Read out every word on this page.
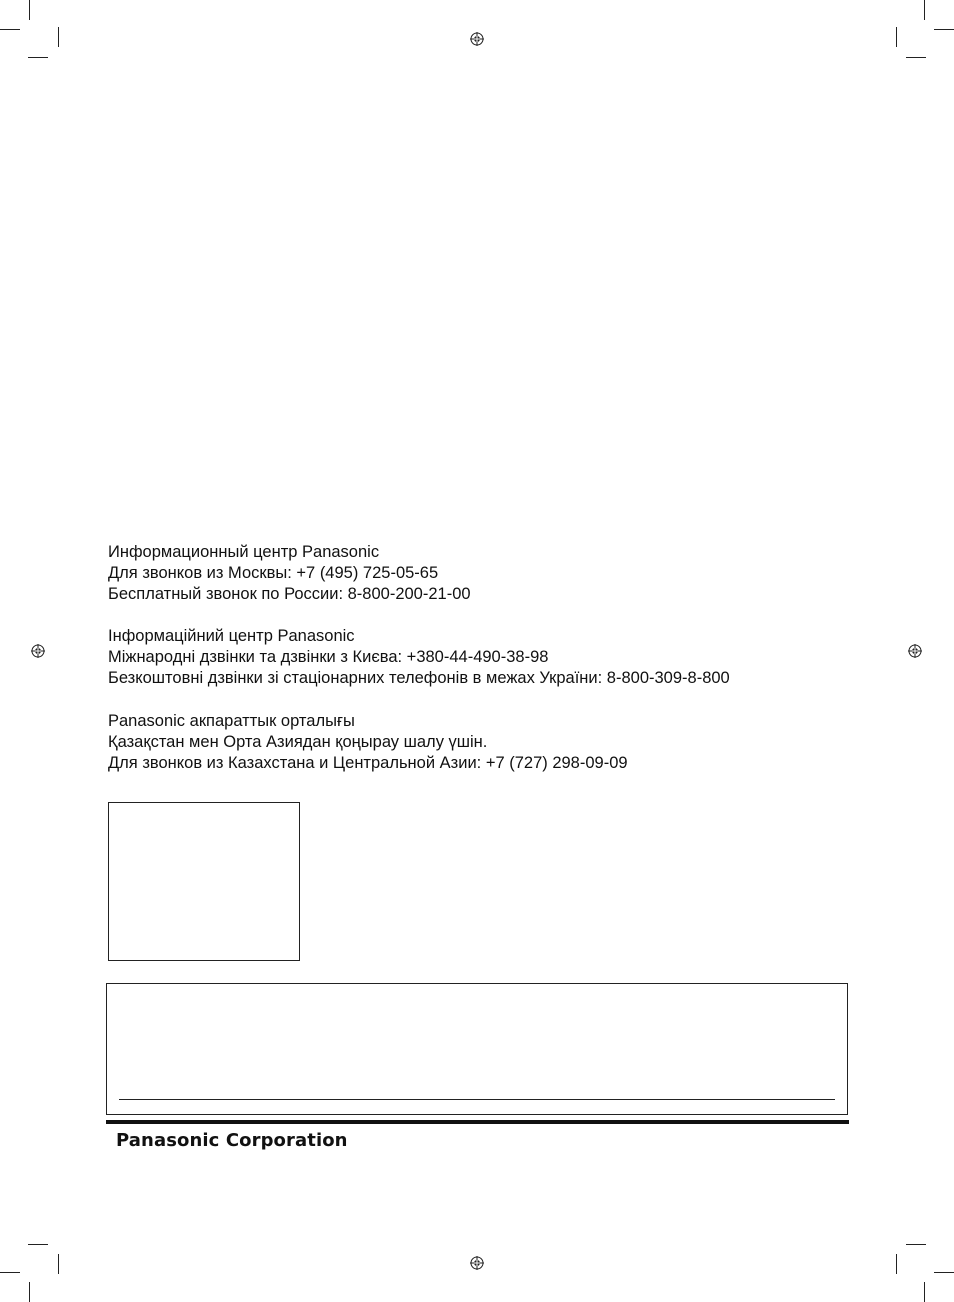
Информационный центр Panasonic
Для звонков из Москвы: +7 (495) 725-05-65
Бесплатный звонок по России: 8-800-200-21-00
Інформаційний центр Panasonic
Міжнародні дзвінки та дзвінки з Києва: +380-44-490-38-98
Безкоштовні дзвінки зі стаціонарних телефонів в межах України: 8-800-309-8-800
Panasonic акпараттык орталығы
Қазақстан мен Орта Азиядан қоңырау шалу үшін.
Для звонков из Казахстана и Центральной Азии: +7 (727) 298-09-09
Panasonic Corporation
